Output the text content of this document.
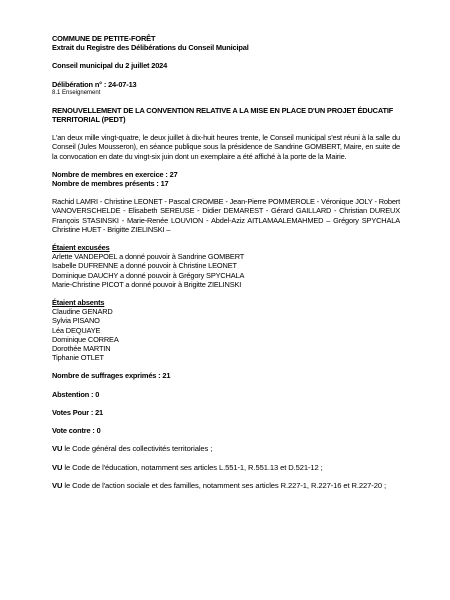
COMMUNE DE PETITE-FORÊT
Extrait du Registre des Délibérations du Conseil Municipal
Conseil municipal du 2 juillet 2024
Délibération n° : 24-07-13
8.1 Enseignement
RENOUVELLEMENT DE LA CONVENTION RELATIVE A LA MISE EN PLACE D'UN PROJET ÉDUCATIF TERRITORIAL (PEDT)
L'an deux mille vingt-quatre, le deux juillet à dix-huit heures trente, le Conseil municipal s'est réuni à la salle du Conseil (Jules Mousseron), en séance publique sous la présidence de Sandrine GOMBERT, Maire, en suite de la convocation en date du vingt-six juin dont un exemplaire a été affiché à la porte de la Mairie.
Nombre de membres en exercice : 27
Nombre de membres présents : 17
Rachid LAMRI - Christine LEONET - Pascal CROMBE - Jean-Pierre POMMEROLE - Véronique JOLY - Robert VANOVERSCHELDE - Elisabeth SEREUSE - Didier DEMAREST - Gérard GAILLARD - Christian DUREUX François STASINSKI - Marie-Renée LOUVION - Abdel-Aziz AITLAMAALEMAHMED – Grégory SPYCHALA Christine HUET - Brigitte ZIELINSKI –
Étaient excusées
Arlette VANDEPOEL a donné pouvoir à Sandrine GOMBERT
Isabelle DUFRENNE a donné pouvoir à Christine LEONET
Dominique DAUCHY a donné pouvoir à Grégory SPYCHALA
Marie-Christine PICOT a donné pouvoir à Brigitte ZIELINSKI
Étaient absents
Claudine GENARD
Sylvia PISANO
Léa DEQUAYE
Dominique CORREA
Dorothée MARTIN
Tiphanie OTLET
Nombre de suffrages exprimés : 21
Abstention : 0
Votes Pour : 21
Vote contre : 0
VU le Code général des collectivités territoriales ;
VU le Code de l'éducation, notamment ses articles L.551-1, R.551.13 et D.521-12 ;
VU le Code de l'action sociale et des familles, notamment ses articles R.227-1, R.227-16 et R.227-20 ;
